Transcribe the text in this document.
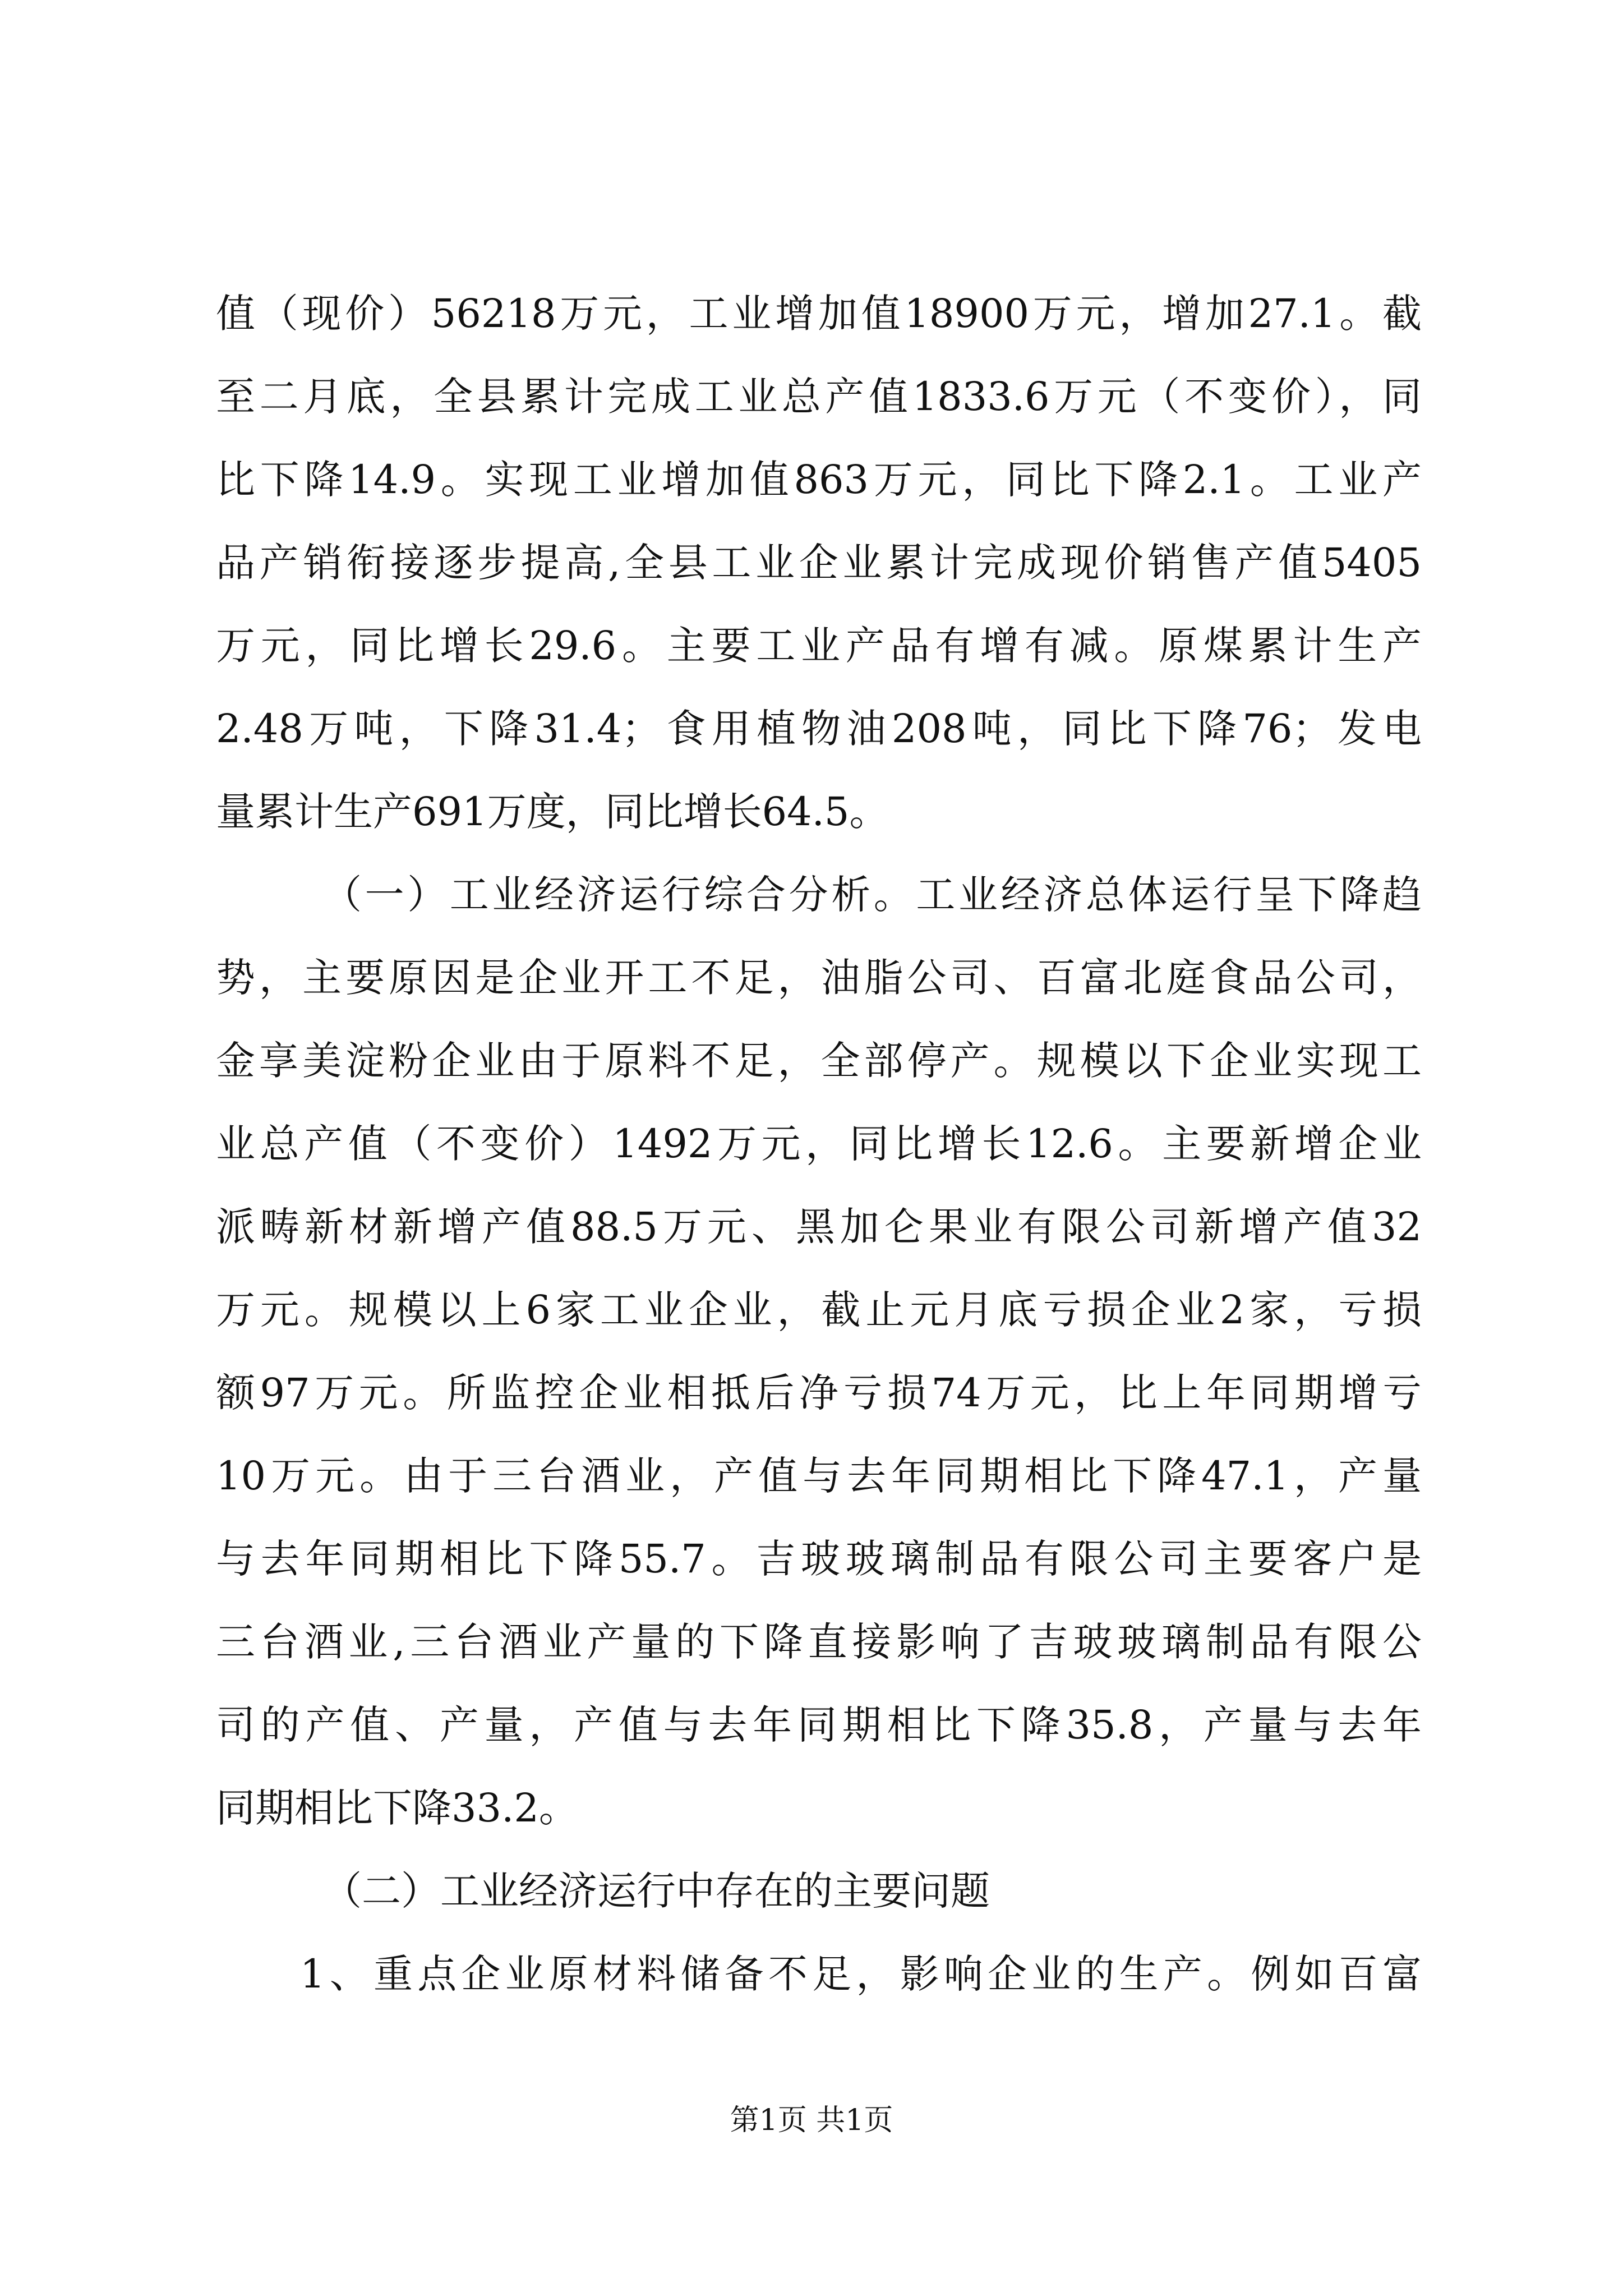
值（现价）56218万元，工业增加值18900万元，增加27.1。截
至二月底，全县累计完成工业总产值1833.6万元（不变价），同
比下降14.9。实现工业增加值863万元，同比下降2.1。工业产
品产销衔接逐步提高,全县工业企业累计完成现价销售产值5405
万元，同比增长29.6。主要工业产品有增有减。原煤累计生产
2.48万吨，下降31.4；食用植物油208吨，同比下降76；发电
量累计生产691万度，同比增长64.5。
（一）工业经济运行综合分析。工业经济总体运行呈下降趋
势，主要原因是企业开工不足，油脂公司、百富北庭食品公司，
金享美淀粉企业由于原料不足，全部停产。规模以下企业实现工
业总产值（不变价）1492万元，同比增长12.6。主要新增企业
派畴新材新增产值88.5万元、黑加仑果业有限公司新增产值32
万元。规模以上6家工业企业，截止元月底亏损企业2家，亏损
额97万元。所监控企业相抵后净亏损74万元，比上年同期增亏
10万元。由于三台酒业，产值与去年同期相比下降47.1，产量
与去年同期相比下降55.7。吉玻玻璃制品有限公司主要客户是
三台酒业,三台酒业产量的下降直接影响了吉玻玻璃制品有限公
司的产值、产量，产值与去年同期相比下降35.8，产量与去年
同期相比下降33.2。
（二）工业经济运行中存在的主要问题
1、重点企业原材料储备不足，影响企业的生产。例如百富
第1页 共1页
